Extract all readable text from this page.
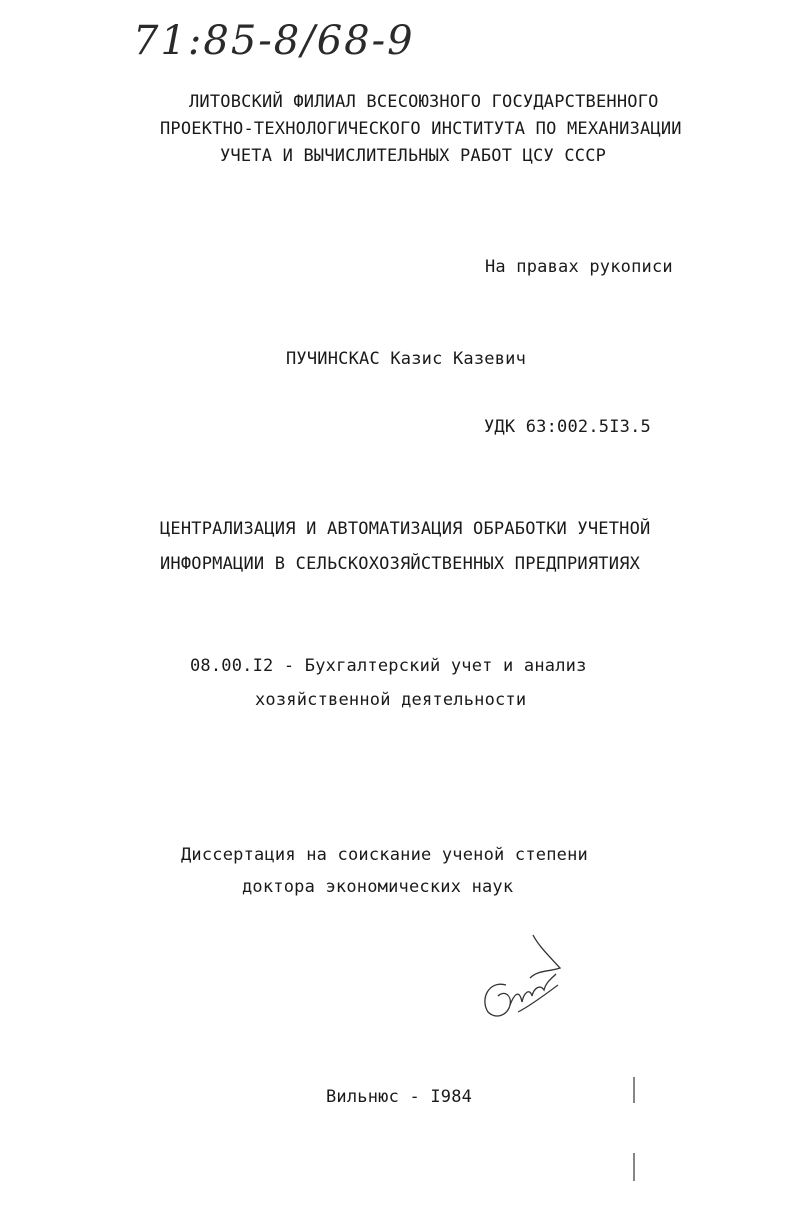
71:85-8/68-9
ЛИТОВСКИЙ ФИЛИАЛ ВСЕСОЮЗНОГО ГОСУДАРСТВЕННОГО
ПРОЕКТНО-ТЕХНОЛОГИЧЕСКОГО ИНСТИТУТА ПО МЕХАНИЗАЦИИ
УЧЕТА И ВЫЧИСЛИТЕЛЬНЫХ РАБОТ ЦСУ СССР
На правах рукописи
ПУЧИНСКАС Казис Казевич
УДК 63:002.5I3.5
ЦЕНТРАЛИЗАЦИЯ И АВТОМАТИЗАЦИЯ ОБРАБОТКИ УЧЕТНОЙ
ИНФОРМАЦИИ В СЕЛЬСКОХОЗЯЙСТВЕННЫХ ПРЕДПРИЯТИЯХ
08.00.I2 - Бухгалтерский учет и анализ
хозяйственной деятельности
Диссертация на соискание ученой степени
доктора экономических наук
Вильнюс - I984
